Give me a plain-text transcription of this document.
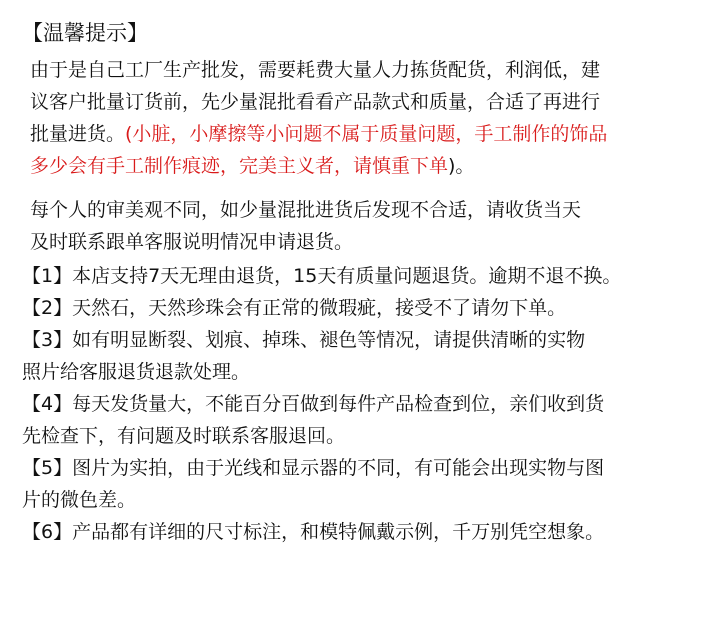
【温馨提示】
由于是自己工厂生产批发，需要耗费大量人力拣货配货，利润低，建
议客户批量订货前，先少量混批看看产品款式和质量，合适了再进行
批量进货。(小脏，小摩擦等小问题不属于质量问题，手工制作的饰品
多少会有手工制作痕迹，完美主义者，请慎重下单)。
每个人的审美观不同，如少量混批进货后发现不合适，请收货当天
及时联系跟单客服说明情况申请退货。
【1】本店支持7天无理由退货，15天有质量问题退货。逾期不退不换。
【2】天然石，天然珍珠会有正常的微瑕疵，接受不了请勿下单。
【3】如有明显断裂、划痕、掉珠、褪色等情况，请提供清晰的实物
照片给客服退货退款处理。
【4】每天发货量大，不能百分百做到每件产品检查到位，亲们收到货
先检查下，有问题及时联系客服退回。
【5】图片为实拍，由于光线和显示器的不同，有可能会出现实物与图
片的微色差。
【6】产品都有详细的尺寸标注，和模特佩戴示例，千万别凭空想象。
